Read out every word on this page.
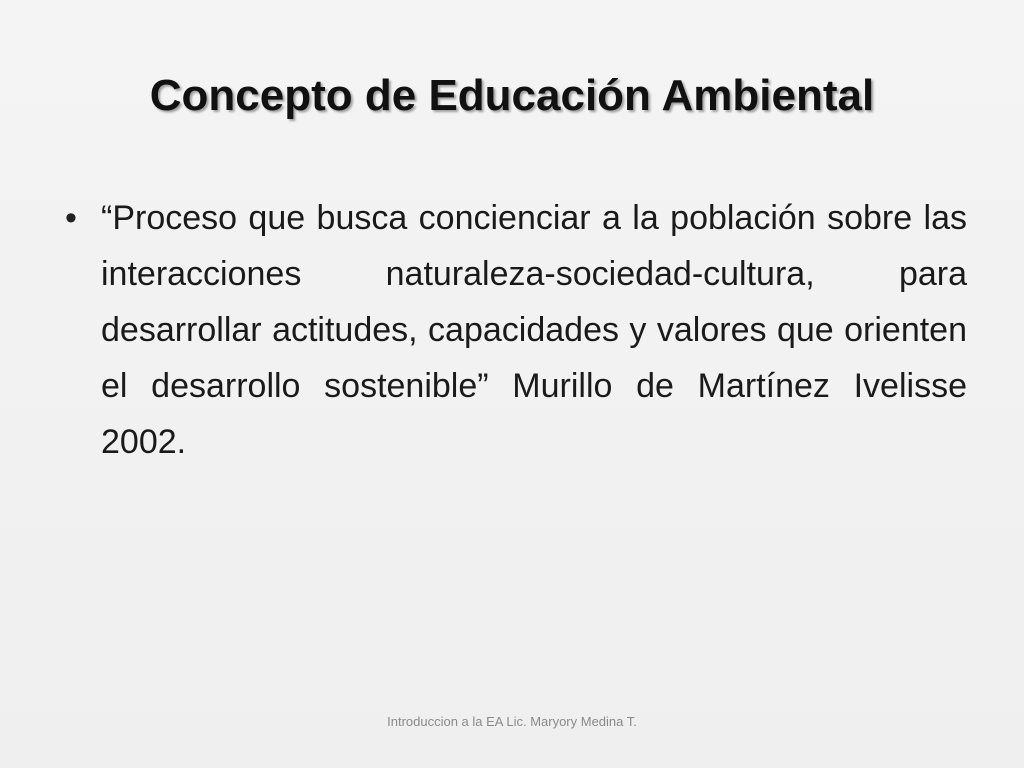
Concepto de Educación Ambiental
• “Proceso que busca concienciar a la población sobre las interacciones naturaleza-sociedad-cultura, para desarrollar actitudes, capacidades y valores que orienten el desarrollo sostenible” Murillo de Martínez Ivelisse 2002.

Introduccion a la EA Lic. Maryory Medina T.
